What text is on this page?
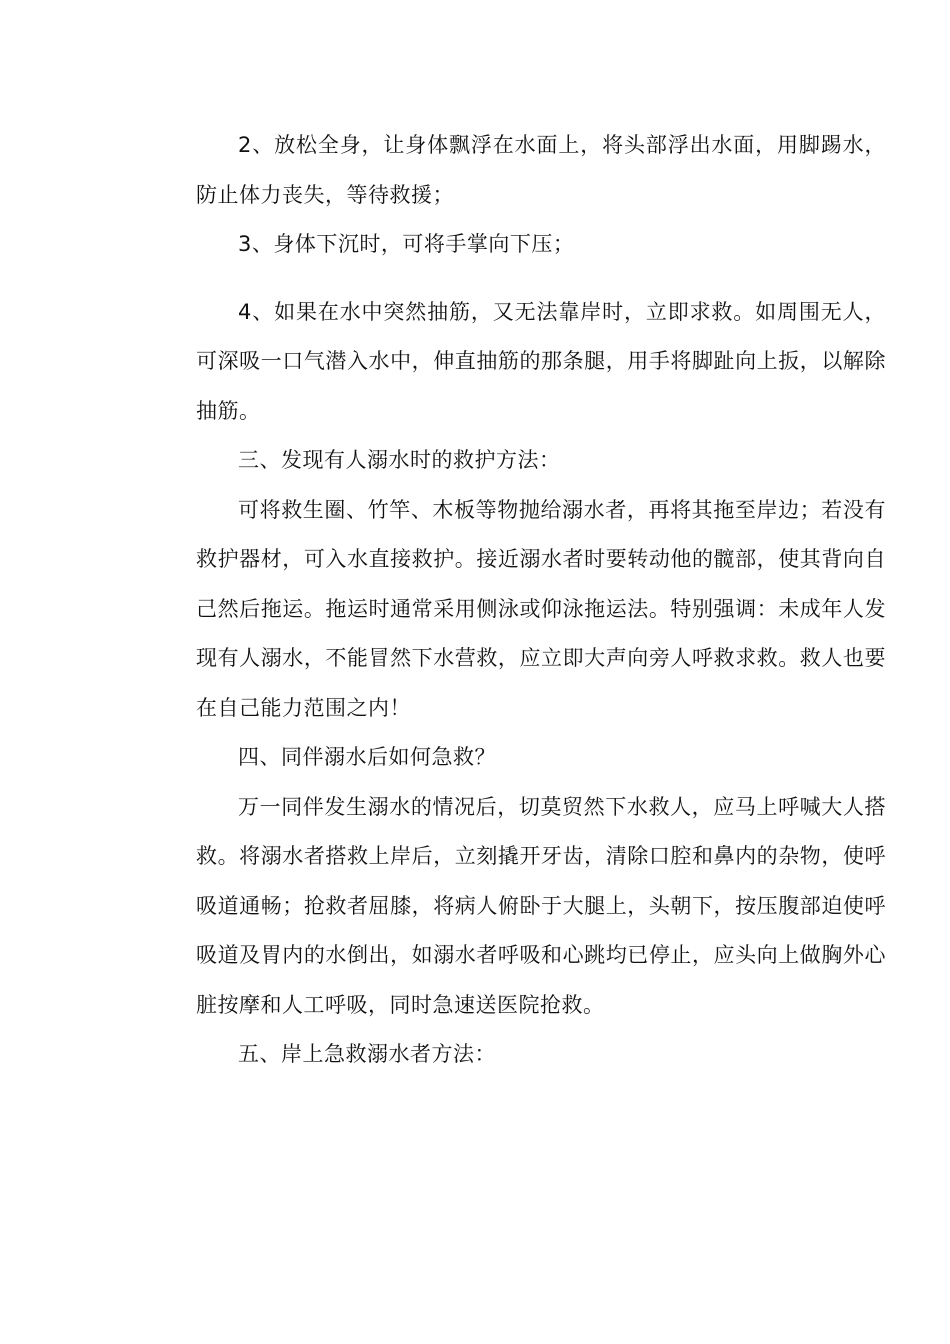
2、放松全身，让身体飘浮在水面上，将头部浮出水面，用脚踢水，防止体力丧失，等待救援；

3、身体下沉时，可将手掌向下压；

4、如果在水中突然抽筋，又无法靠岸时，立即求救。如周围无人，可深吸一口气潜入水中，伸直抽筋的那条腿，用手将脚趾向上扳，以解除抽筋。

三、发现有人溺水时的救护方法：

可将救生圈、竹竿、木板等物抛给溺水者，再将其拖至岸边；若没有救护器材，可入水直接救护。接近溺水者时要转动他的髋部，使其背向自己然后拖运。拖运时通常采用侧泳或仰泳拖运法。特别强调：未成年人发现有人溺水，不能冒然下水营救，应立即大声向旁人呼救求救。救人也要在自己能力范围之内！

四、同伴溺水后如何急救？

万一同伴发生溺水的情况后，切莫贸然下水救人，应马上呼喊大人搭救。将溺水者搭救上岸后，立刻撬开牙齿，清除口腔和鼻内的杂物，使呼吸道通畅；抢救者屈膝，将病人俯卧于大腿上，头朝下，按压腹部迫使呼吸道及胃内的水倒出，如溺水者呼吸和心跳均已停止，应头向上做胸外心脏按摩和人工呼吸，同时急速送医院抢救。

五、岸上急救溺水者方法：
